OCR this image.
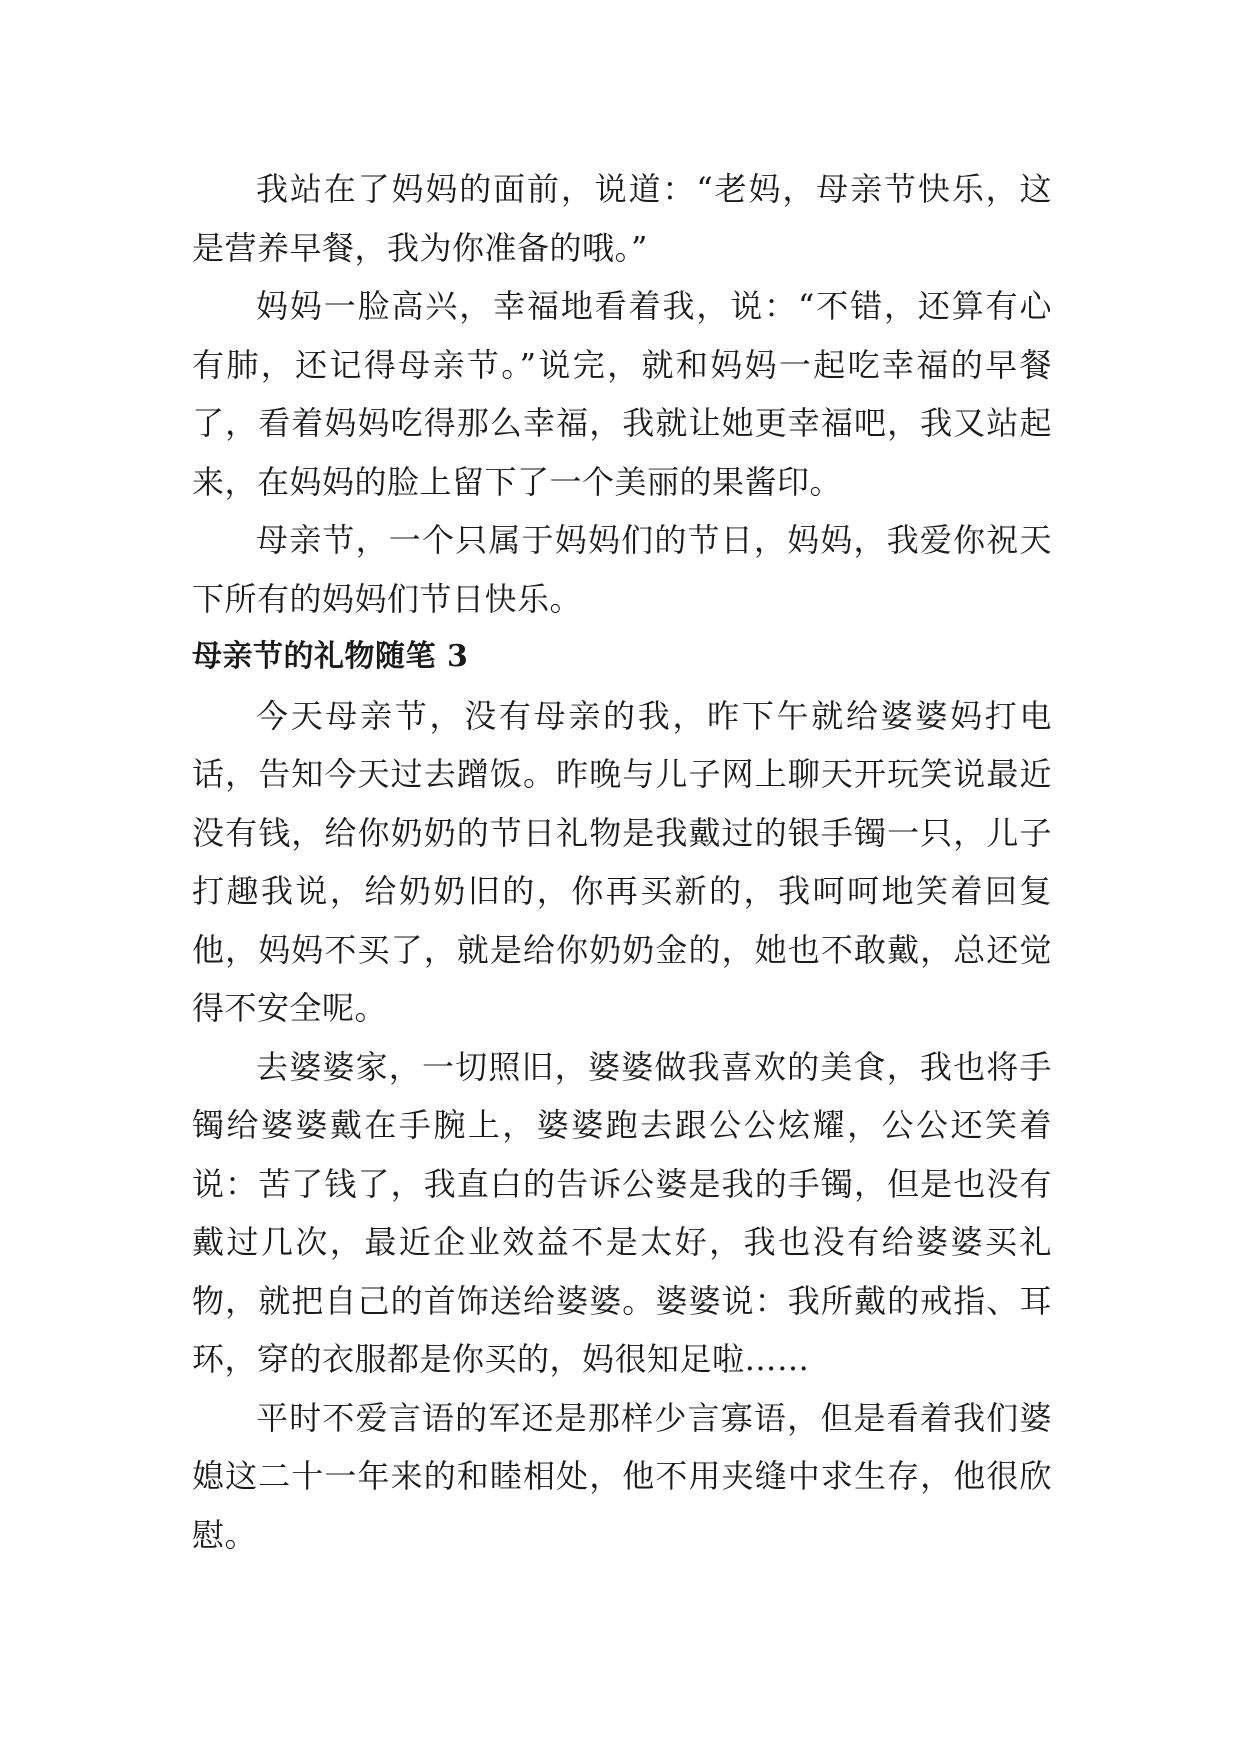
我站在了妈妈的面前，说道：“老妈，母亲节快乐，这是营养早餐，我为你准备的哦。”

妈妈一脸高兴，幸福地看着我，说：“不错，还算有心有肺，还记得母亲节。”说完，就和妈妈一起吃幸福的早餐了，看着妈妈吃得那么幸福，我就让她更幸福吧，我又站起来，在妈妈的脸上留下了一个美丽的果酱印。

母亲节，一个只属于妈妈们的节日，妈妈，我爱你祝天下所有的妈妈们节日快乐。

母亲节的礼物随笔 3

今天母亲节，没有母亲的我，昨下午就给婆婆妈打电话，告知今天过去蹭饭。昨晚与儿子网上聊天开玩笑说最近没有钱，给你奶奶的节日礼物是我戴过的银手镯一只，儿子打趣我说，给奶奶旧的，你再买新的，我呵呵地笑着回复他，妈妈不买了，就是给你奶奶金的，她也不敢戴，总还觉得不安全呢。

去婆婆家，一切照旧，婆婆做我喜欢的美食，我也将手镯给婆婆戴在手腕上，婆婆跑去跟公公炫耀，公公还笑着说：苦了钱了，我直白的告诉公婆是我的手镯，但是也没有戴过几次，最近企业效益不是太好，我也没有给婆婆买礼物，就把自己的首饰送给婆婆。婆婆说：我所戴的戒指、耳环，穿的衣服都是你买的，妈很知足啦……

平时不爱言语的军还是那样少言寡语，但是看着我们婆媳这二十一年来的和睦相处，他不用夹缝中求生存，他很欣慰。
